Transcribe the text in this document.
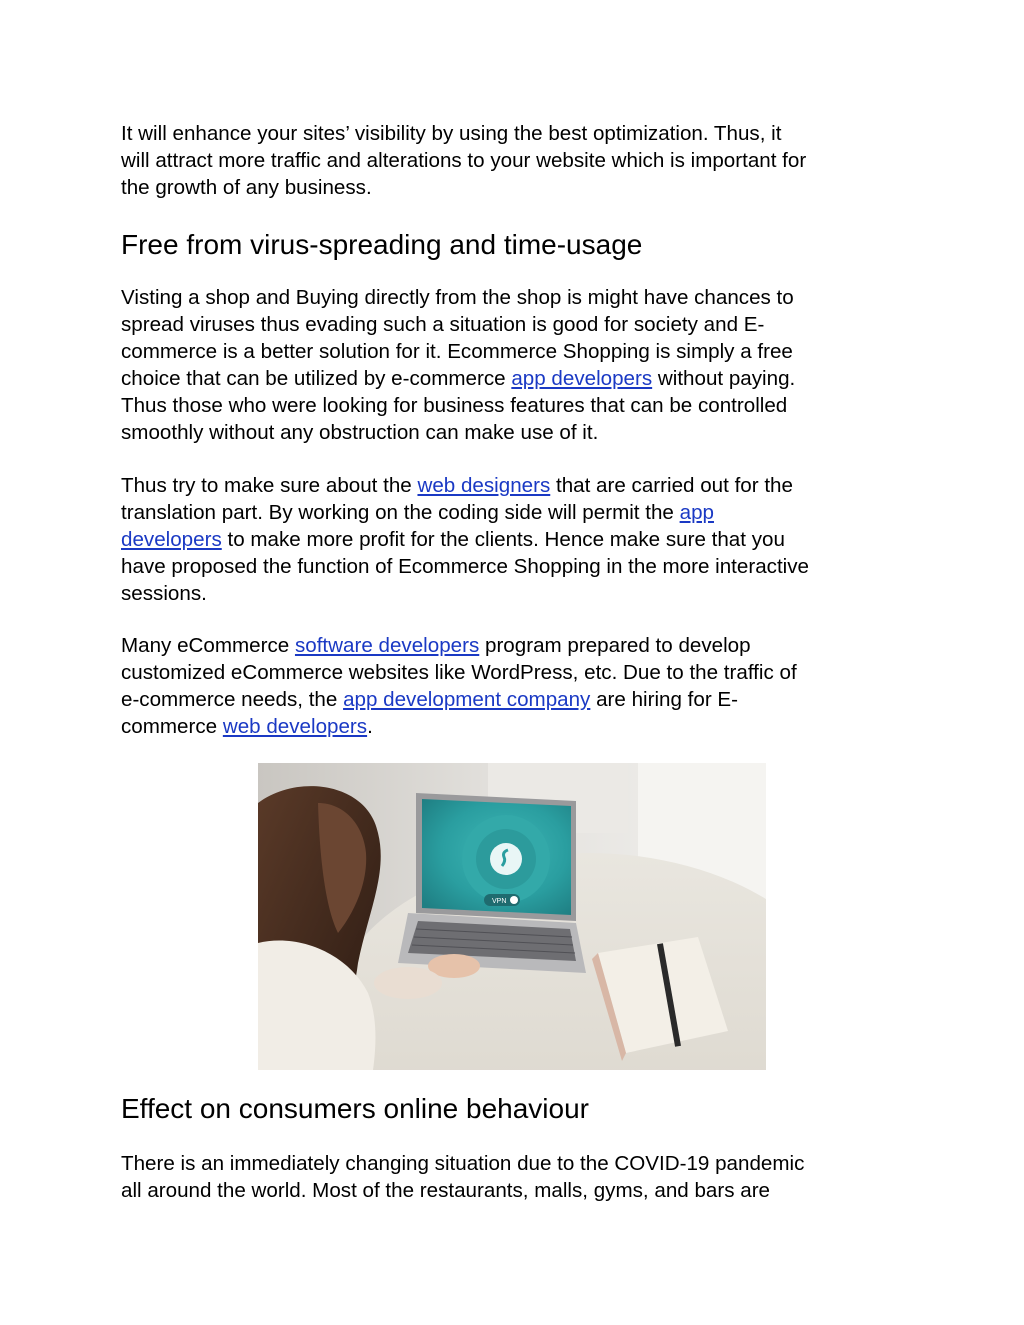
It will enhance your sites’ visibility by using the best optimization. Thus, it
will attract more traffic and alterations to your website which is important for
the growth of any business.

Free from virus-spreading and time-usage

Visting a shop and Buying directly from the shop is might have chances to
spread viruses thus evading such a situation is good for society and E-
commerce is a better solution for it. Ecommerce Shopping is simply a free
choice that can be utilized by e-commerce app developers without paying.
Thus those who were looking for business features that can be controlled
smoothly without any obstruction can make use of it.

Thus try to make sure about the web designers that are carried out for the
translation part. By working on the coding side will permit the app
developers to make more profit for the clients. Hence make sure that you
have proposed the function of Ecommerce Shopping in the more interactive
sessions.

Many eCommerce software developers program prepared to develop
customized eCommerce websites like WordPress, etc. Due to the traffic of
e-commerce needs, the app development company are hiring for E-
commerce web developers.

VPN
Effect on consumers online behaviour

There is an immediately changing situation due to the COVID-19 pandemic
all around the world. Most of the restaurants, malls, gyms, and bars are
